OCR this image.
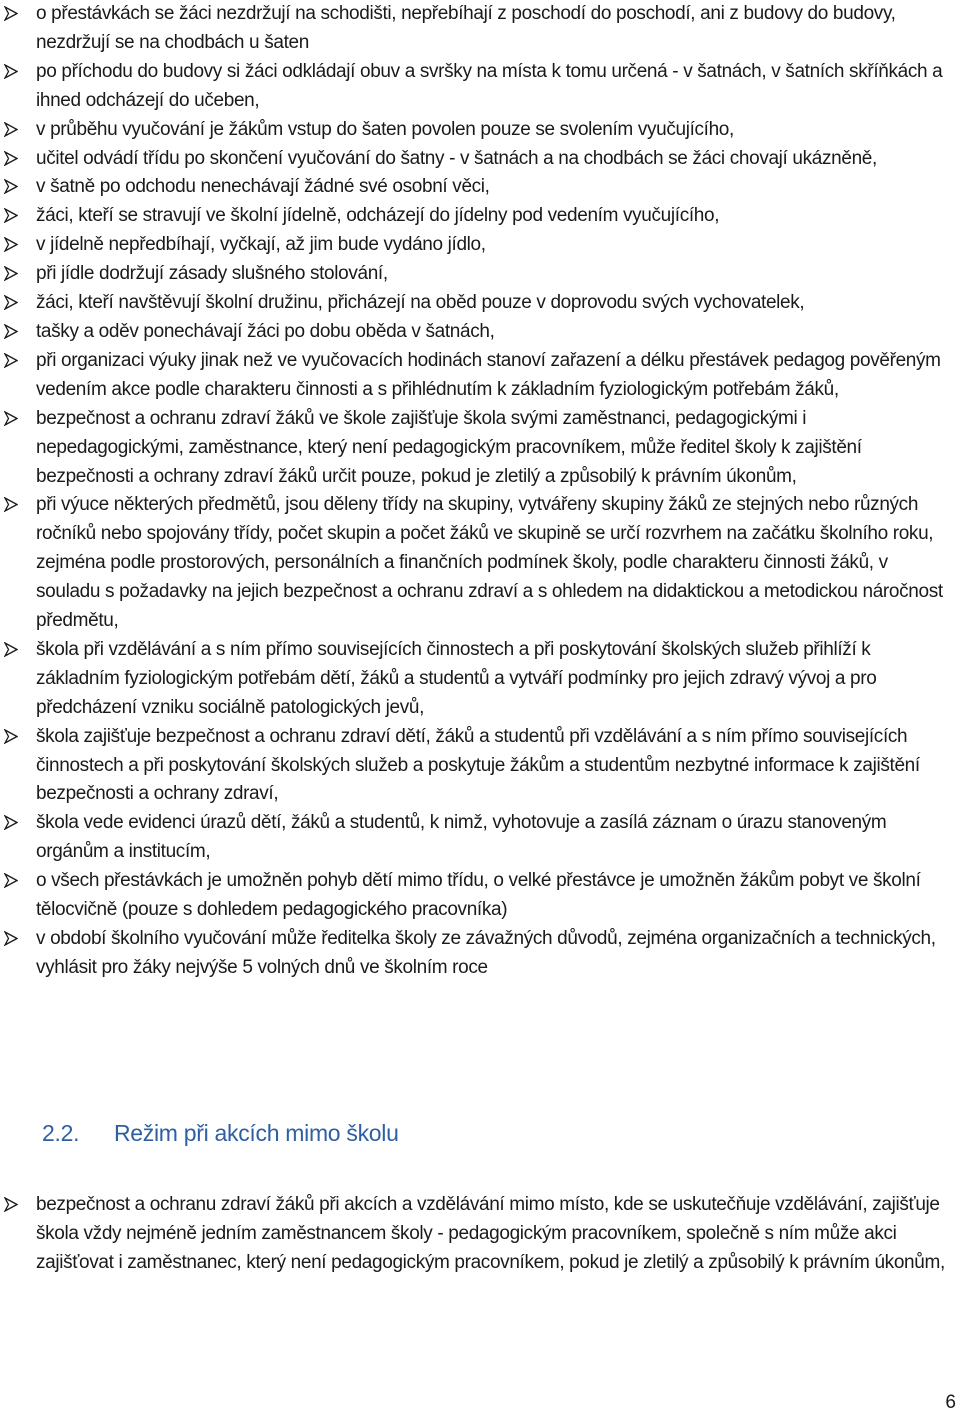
o přestávkách se žáci nezdržují na schodišti, nepřebíhají z poschodí do poschodí, ani z budovy do budovy, nezdržují se na chodbách u šaten
po příchodu do budovy si žáci odkládají obuv a svršky na místa k tomu určená - v šatnách, v šatních skříňkách a ihned odcházejí do učeben,
v průběhu vyučování je žákům vstup do šaten povolen pouze se svolením vyučujícího,
učitel odvádí třídu po skončení vyučování do šatny - v šatnách a na chodbách se žáci chovají ukázněně,
v šatně po odchodu nenechávají žádné své osobní věci,
žáci, kteří se stravují ve školní jídelně, odcházejí do jídelny pod vedením vyučujícího,
v jídelně nepředbíhají, vyčkají, až jim bude vydáno jídlo,
při jídle dodržují zásady slušného stolování,
žáci, kteří navštěvují školní družinu, přicházejí na oběd pouze v doprovodu svých vychovatelek,
tašky a oděv ponechávají žáci po dobu oběda v šatnách,
při organizaci výuky jinak než ve vyučovacích hodinách stanoví zařazení a délku přestávek pedagog pověřeným vedením akce podle charakteru činnosti a s přihlédnutím k základním fyziologickým potřebám žáků,
bezpečnost a ochranu zdraví žáků ve škole zajišťuje škola svými zaměstnanci, pedagogickými i nepedagogickými, zaměstnance, který není pedagogickým pracovníkem, může ředitel školy k zajištění bezpečnosti a ochrany zdraví žáků určit pouze, pokud je zletilý a způsobilý k právním úkonům,
při výuce některých předmětů, jsou děleny třídy na skupiny, vytvářeny skupiny žáků ze stejných nebo různých ročníků nebo spojovány třídy, počet skupin a počet žáků ve skupině se určí rozvrhem na začátku školního roku, zejména podle prostorových, personálních a finančních podmínek školy, podle charakteru činnosti žáků, v souladu s požadavky na jejich bezpečnost a ochranu zdraví a s ohledem na didaktickou a metodickou náročnost předmětu,
škola při vzdělávání a s ním přímo souvisejících činnostech a při poskytování školských služeb přihlíží k základním fyziologickým potřebám dětí, žáků a studentů a vytváří podmínky pro jejich zdravý vývoj a pro předcházení vzniku sociálně patologických jevů,
škola zajišťuje bezpečnost a ochranu zdraví dětí, žáků a studentů při vzdělávání a s ním přímo souvisejících činnostech a při poskytování školských služeb a poskytuje žákům a studentům nezbytné informace k zajištění bezpečnosti a ochrany zdraví,
škola vede evidenci úrazů dětí, žáků a studentů, k nimž, vyhotovuje a zasílá záznam o úrazu stanoveným orgánům a institucím,
o všech přestávkách je umožněn pohyb dětí mimo třídu, o velké přestávce je umožněn žákům pobyt ve školní tělocvičně (pouze s dohledem pedagogického pracovníka)
v období školního vyučování může ředitelka školy ze závažných důvodů, zejména organizačních a technických, vyhlásit pro žáky nejvýše 5 volných dnů ve školním roce
2.2. Režim při akcích mimo školu
bezpečnost a ochranu zdraví žáků při akcích a vzdělávání mimo místo, kde se uskutečňuje vzdělávání, zajišťuje škola vždy nejméně jedním zaměstnancem školy - pedagogickým pracovníkem, společně s ním může akci zajišťovat i zaměstnanec, který není pedagogickým pracovníkem, pokud je zletilý a způsobilý k právním úkonům,
6
